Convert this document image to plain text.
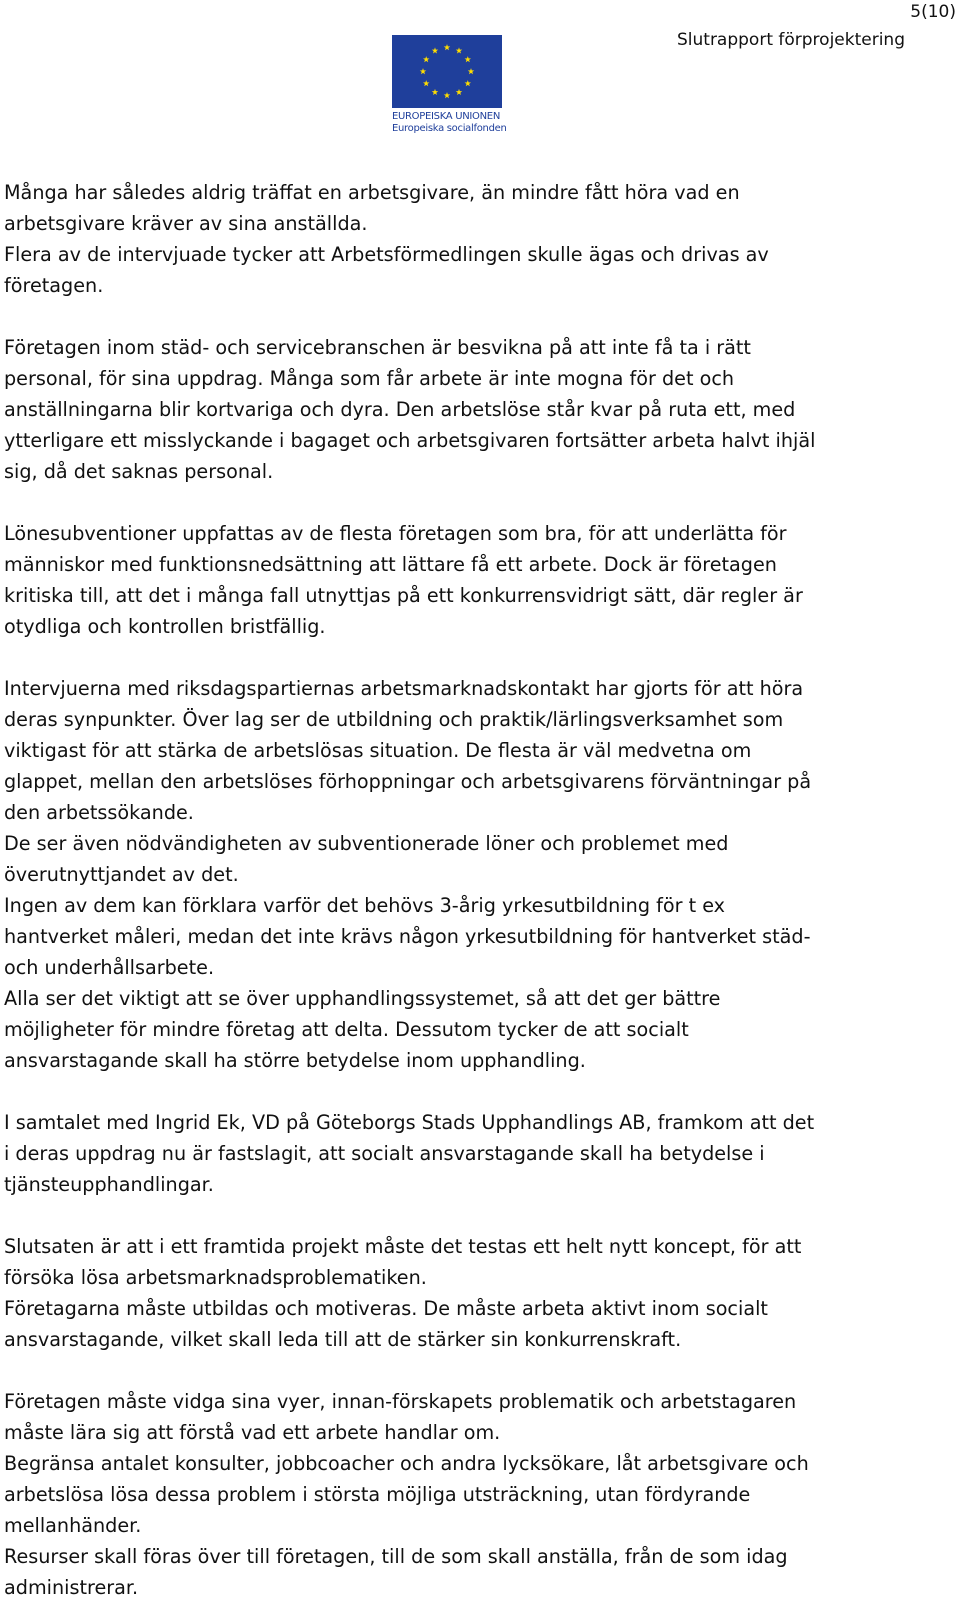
5(10)
Slutrapport förprojektering
EUROPEISKA UNIONEN
Europeiska socialfonden

Många har således aldrig träffat en arbetsgivare, än mindre fått höra vad en
arbetsgivare kräver av sina anställda.

Flera av de intervjuade tycker att Arbetsförmedlingen skulle ägas och drivas av
företagen.

Företagen inom städ- och servicebranschen är besvikna på att inte få ta i rätt
personal, för sina uppdrag. Många som får arbete är inte mogna för det och
anställningarna blir kortvariga och dyra. Den arbetslöse står kvar på ruta ett, med
ytterligare ett misslyckande i bagaget och arbetsgivaren fortsätter arbeta halvt ihjäl
sig, då det saknas personal.

Lönesubventioner uppfattas av de flesta företagen som bra, för att underlätta för
människor med funktionsnedsättning att lättare få ett arbete. Dock är företagen
kritiska till, att det i många fall utnyttjas på ett konkurrensvidrigt sätt, där regler är
otydliga och kontrollen bristfällig.

Intervjuerna med riksdagspartiernas arbetsmarknadskontakt har gjorts för att höra
deras synpunkter. Över lag ser de utbildning och praktik/lärlingsverksamhet som
viktigast för att stärka de arbetslösas situation. De flesta är väl medvetna om
glappet, mellan den arbetslöses förhoppningar och arbetsgivarens förväntningar på
den arbetssökande.

De ser även nödvändigheten av subventionerade löner och problemet med
överutnyttjandet av det.

Ingen av dem kan förklara varför det behövs 3-årig yrkesutbildning för t ex
hantverket måleri, medan det inte krävs någon yrkesutbildning för hantverket städ-
och underhållsarbete.

Alla ser det viktigt att se över upphandlingssystemet, så att det ger bättre
möjligheter för mindre företag att delta. Dessutom tycker de att socialt
ansvarstagande skall ha större betydelse inom upphandling.

I samtalet med Ingrid Ek, VD på Göteborgs Stads Upphandlings AB, framkom att det
i deras uppdrag nu är fastslagit, att socialt ansvarstagande skall ha betydelse i
tjänsteupphandlingar.

Slutsaten är att i ett framtida projekt måste det testas ett helt nytt koncept, för att
försöka lösa arbetsmarknadsproblematiken.

Företagarna måste utbildas och motiveras. De måste arbeta aktivt inom socialt
ansvarstagande, vilket skall leda till att de stärker sin konkurrenskraft.

Företagen måste vidga sina vyer, innan-förskapets problematik och arbetstagaren
måste lära sig att förstå vad ett arbete handlar om.

Begränsa antalet konsulter, jobbcoacher och andra lycksökare, låt arbetsgivare och
arbetslösa lösa dessa problem i största möjliga utsträckning, utan fördyrande
mellanhänder.

Resurser skall föras över till företagen, till de som skall anställa, från de som idag
administrerar.
